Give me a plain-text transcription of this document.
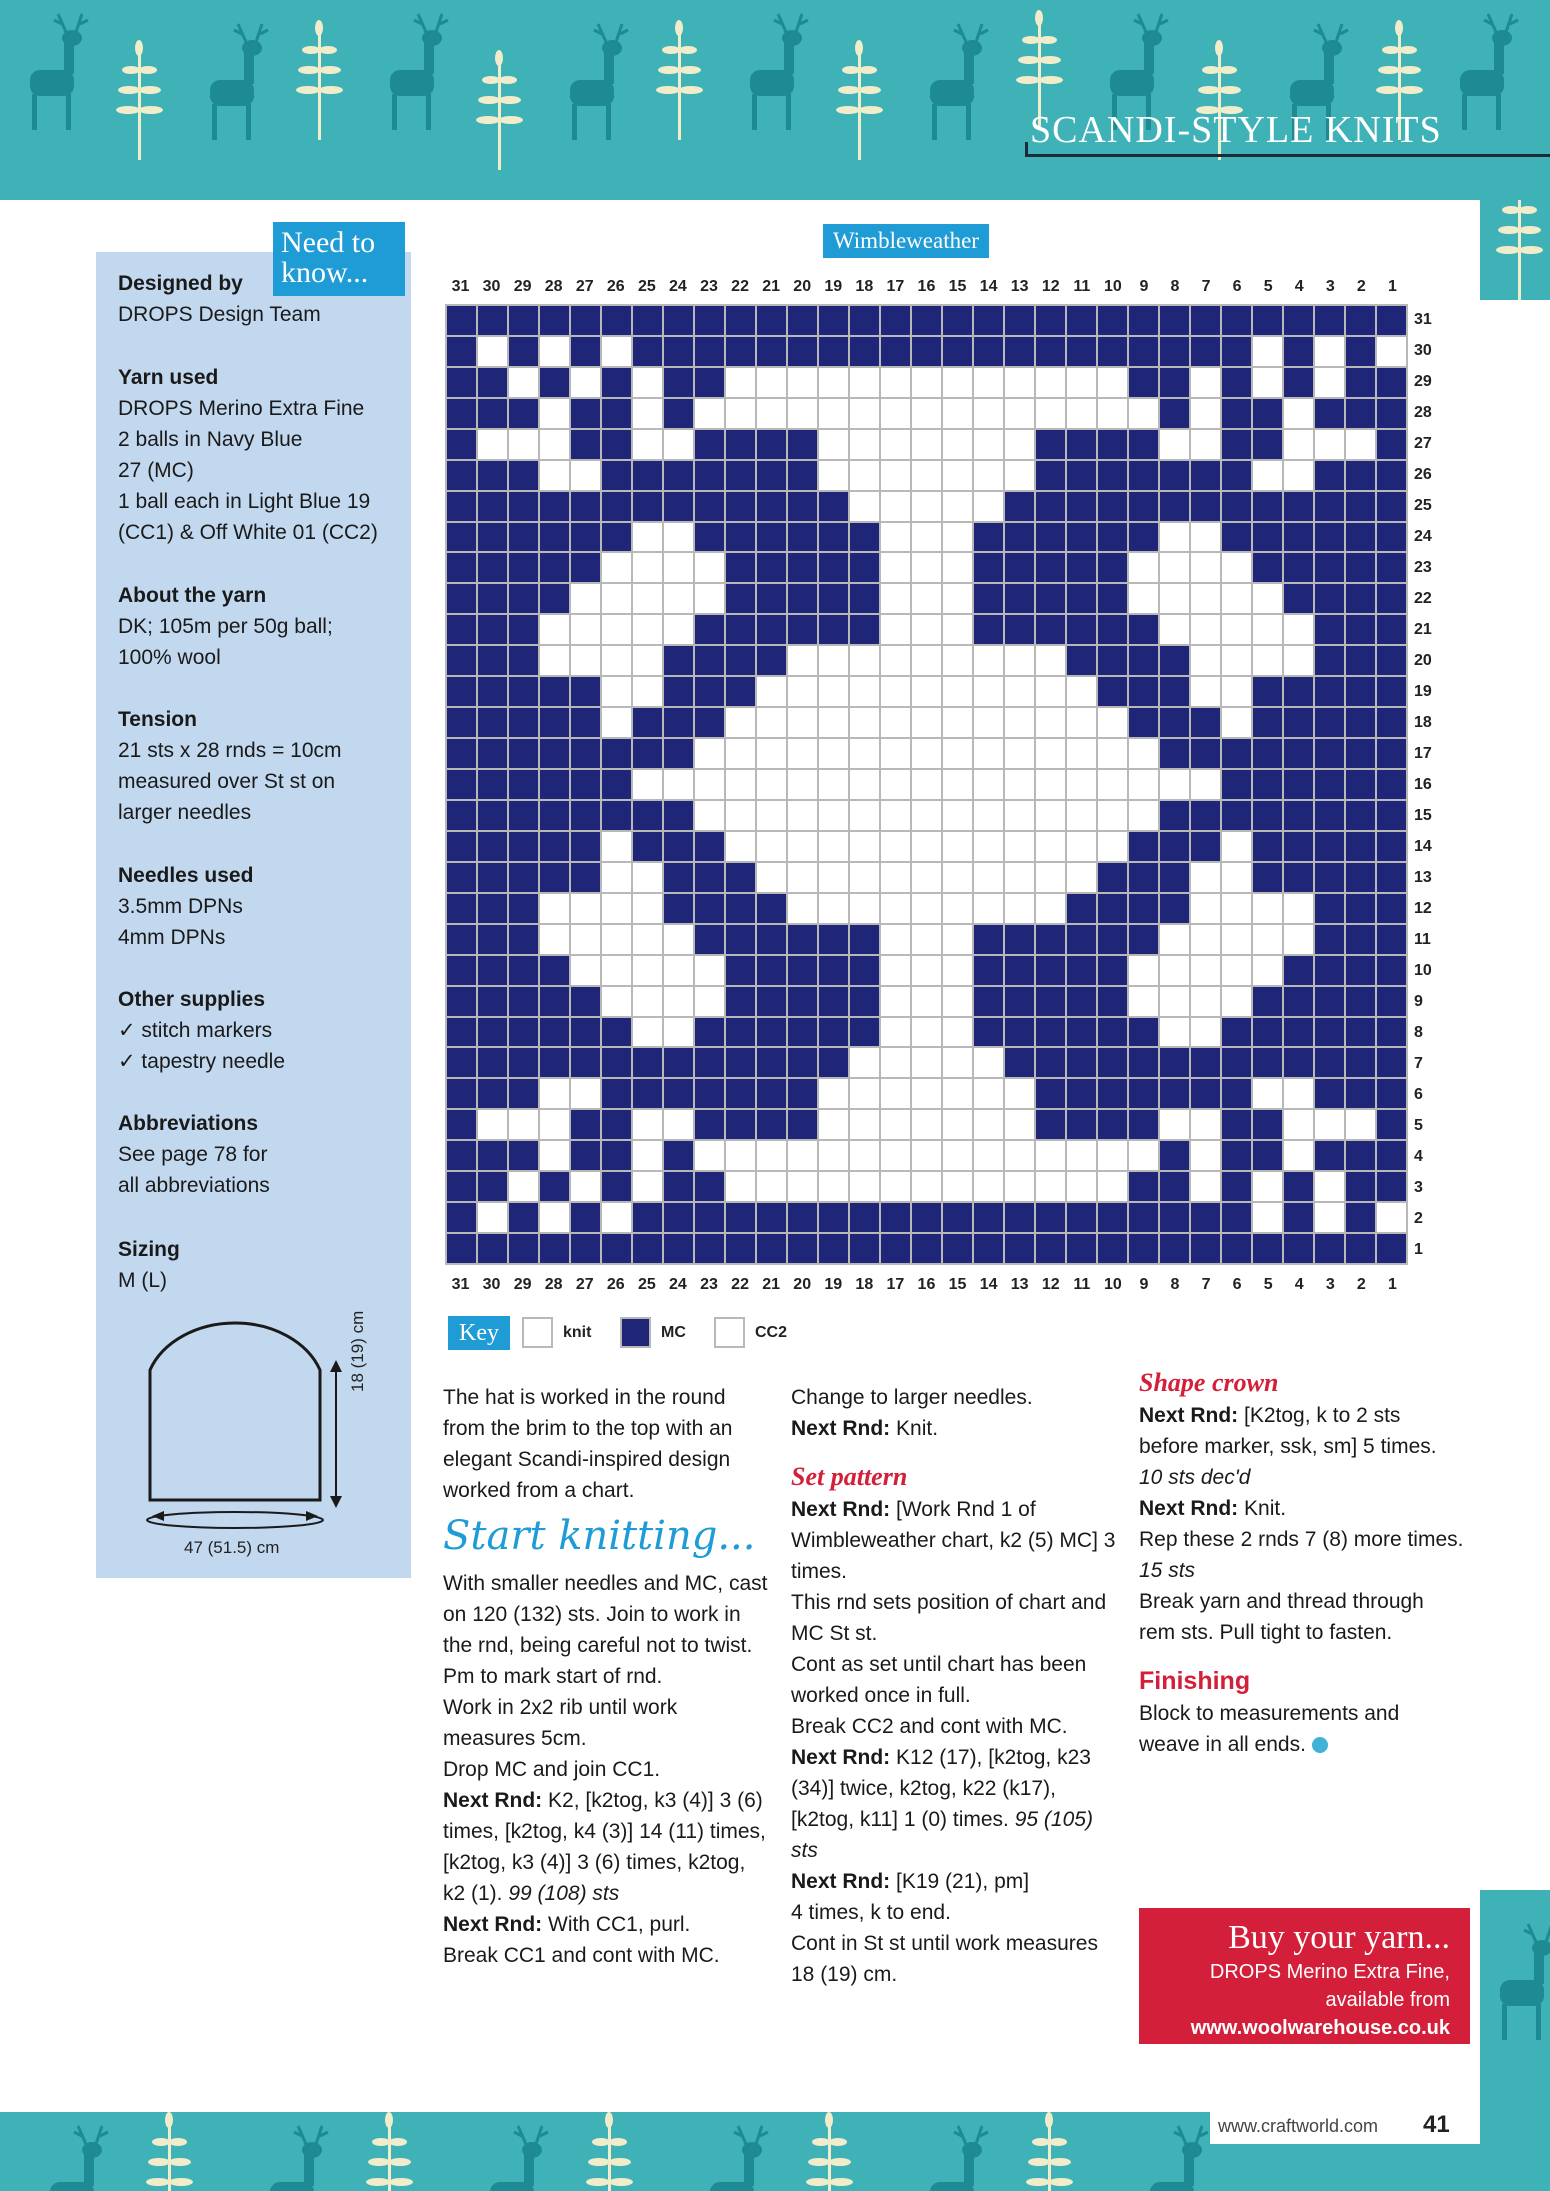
SCANDI-STYLE KNITS
Need to know...
Designed by
DROPS Design Team
Yarn used
DROPS Merino Extra Fine
2 balls in Navy Blue
27 (MC)
1 ball each in Light Blue 19
(CC1) & Off White 01 (CC2)
About the yarn
DK; 105m per 50g ball;
100% wool
Tension
21 sts x 28 rnds = 10cm
measured over St st on
larger needles
Needles used
3.5mm DPNs
4mm DPNs
Other supplies
✓ stitch markers
✓ tapestry needle
Abbreviations
See page 78 for
all abbreviations
Sizing
M (L)
18 (19) cm
47 (51.5) cm
Wimbleweather
31 30 29 28 27 26 25 24 23 22 21 20 19 18 17 16 15 14 13 12 11 10	9	8	7	6	5	4	3	2	1
31
30
29
28
27
26
25
24
23
22
21
20
19
18
17
16
15
14
13
12
11
10
9
8
7
6
5
4
3
2
1
31 30 29 28 27 26 25 24 23 22 21 20 19 18 17 16 15 14 13 12 11 10	9	8	7	6	5	4	3	2	1
Key	knit	MC	CC2

The hat is worked in the round from the brim to the top with an elegant Scandi-inspired design worked from a chart.

Start knitting...

With smaller needles and MC, cast on 120 (132) sts. Join to work in the rnd, being careful not to twist. Pm to mark start of rnd.

Work in 2x2 rib until work measures 5cm.

Drop MC and join CC1.

Next Rnd: K2, [k2tog, k3 (4)] 3 (6) times, [k2tog, k4 (3)] 14 (11) times, [k2tog, k3 (4)] 3 (6) times, k2tog, k2 (1). 99 (108) sts

Next Rnd: With CC1, purl.

Break CC1 and cont with MC.

Change to larger needles.

Next Rnd: Knit.

Set pattern

Next Rnd: [Work Rnd 1 of Wimbleweather chart, k2 (5) MC] 3 times.

This rnd sets position of chart and MC St st.

Cont as set until chart has been worked once in full.

Break CC2 and cont with MC.

Next Rnd: K12 (17), [k2tog, k23 (34)] twice, k2tog, k22 (k17), [k2tog, k11] 1 (0) times. 95 (105) sts

Next Rnd: [K19 (21), pm]

4 times, k to end.

Cont in St st until work measures 18 (19) cm.

Shape crown

Next Rnd: [K2tog, k to 2 sts before marker, ssk, sm] 5 times. 10 sts dec'd

Next Rnd: Knit.

Rep these 2 rnds 7 (8) more times. 15 sts

Break yarn and thread through rem sts. Pull tight to fasten.

Finishing

Block to measurements and weave in all ends.

Buy your yarn...
DROPS Merino Extra Fine,
available from
www.woolwarehouse.co.uk
www.craftworld.com 41
